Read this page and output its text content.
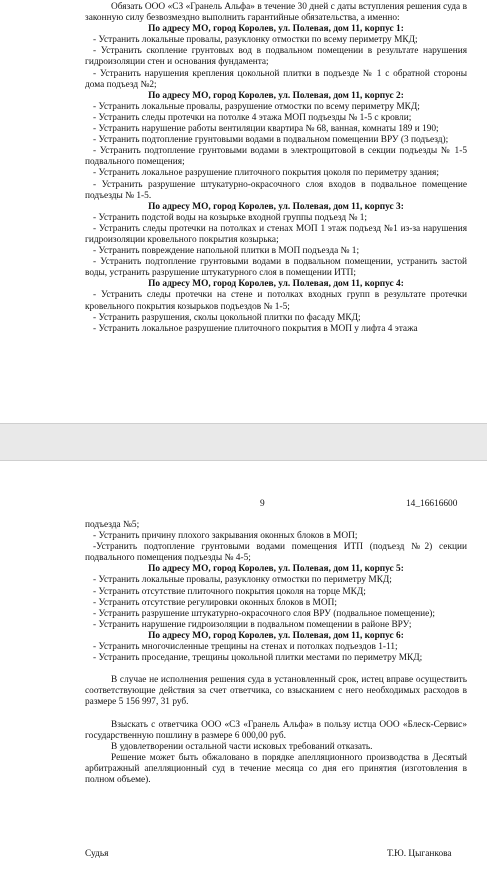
Обязать ООО «СЗ «Гранель Альфа» в течение 30 дней с даты вступления решения суда в законную силу безвозмездно выполнить гарантийные обязательства, а именно:

По адресу МО, город Королев, ул. Полевая, дом 11, корпус 1:

- Устранить локальные провалы, разуклонку отмостки по всему периметру МКД;

- Устранить скопление грунтовых вод в подвальном помещении в результате нарушения гидроизоляции стен и основания фундамента;

- Устранить нарушения крепления цокольной плитки в подъезде № 1 с обратной стороны дома подъезд №2;

По адресу МО, город Королев, ул. Полевая, дом 11, корпус 2:

- Устранить локальные провалы, разрушение отмостки по всему периметру МКД;

- Устранить следы протечки на потолке 4 этажа МОП подъезды № 1-5 с кровли;

- Устранить нарушение работы вентиляции квартира № 68, ванная, комнаты 189 и 190;

- Устранить подтопление грунтовыми водами в подвальном помещении ВРУ (3 подъезд);

- Устранить подтопление грунтовыми водами в электрощитовой в секции подъезды № 1-5 подвального помещения;

- Устранить локальное разрушение плиточного покрытия цоколя по периметру здания;

- Устранить разрушение штукатурно-окрасочного слоя входов в подвальное помещение подъезды № 1-5.

По адресу МО, город Королев, ул. Полевая, дом 11, корпус 3:

- Устранить подстой воды на козырьке входной группы подъезд № 1;

- Устранить следы протечки на потолках и стенах МОП 1 этаж подъезд №1 из-за нарушения гидроизоляции кровельного покрытия козырька;

- Устранить повреждение напольной плитки в МОП подъезда № 1;

- Устранить подтопление грунтовыми водами в подвальном помещении, устранить застой воды, устранить разрушение штукатурного слоя в помещении ИТП;

По адресу МО, город Королев, ул. Полевая, дом 11, корпус 4:

- Устранить следы протечки на стене и потолках входных групп в результате протечки кровельного покрытия козырьков подъездов № 1-5;

- Устранить разрушения, сколы цокольной плитки по фасаду МКД;

- Устранить локальное разрушение плиточного покрытия в МОП у лифта 4 этажа

9	14_16616600

подъезда №5;

- Устранить причину плохого закрывания оконных блоков в МОП;

-Устранить подтопление грунтовыми водами помещения ИТП (подъезд №2) секции подвального помещения подъезды № 4-5;

По адресу МО, город Королев, ул. Полевая, дом 11, корпус 5:

- Устранить локальные провалы, разуклонку отмостки по периметру МКД;

- Устранить отсутствие плиточного покрытия цоколя на торце МКД;

- Устранить отсутствие регулировки оконных блоков в МОП;

- Устранить разрушение штукатурно-окрасочного слоя ВРУ (подвальное помещение);

- Устранить нарушение гидроизоляции в подвальном помещении в районе ВРУ;

По адресу МО, город Королев, ул. Полевая, дом 11, корпус 6:

- Устранить многочисленные трещины на стенах и потолках подъездов 1-11;

- Устранить проседание, трещины цокольной плитки местами по периметру МКД;

В случае не исполнения решения суда в установленный срок, истец вправе осуществить соответствующие действия за счет ответчика, со взысканием с него необходимых расходов в размере 5 156 997, 31 руб.

Взыскать с ответчика ООО «СЗ «Гранель Альфа» в пользу истца ООО «Блеск-Сервис» государственную пошлину в размере 6 000,00 руб.

В удовлетворении остальной части исковых требований отказать.

Решение может быть обжаловано в порядке апелляционного производства в Десятый арбитражный апелляционный суд в течение месяца со дня его принятия (изготовления в полном объеме).

Судья	Т.Ю. Цыганкова
